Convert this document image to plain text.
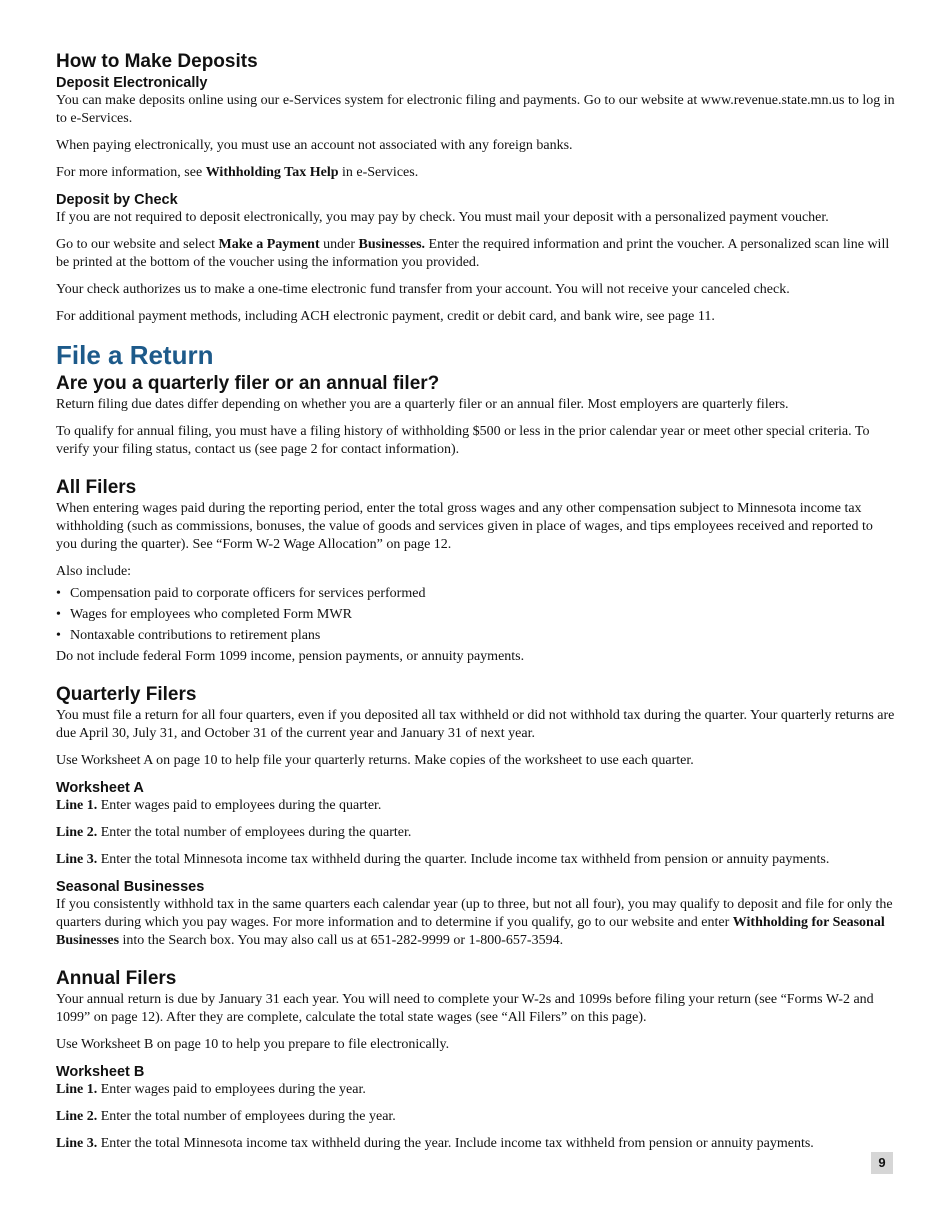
How to Make Deposits
Deposit Electronically

You can make deposits online using our e-Services system for electronic filing and payments. Go to our website at www.revenue.state.mn.us to log in to e-Services.

When paying electronically, you must use an account not associated with any foreign banks.

For more information, see Withholding Tax Help in e-Services.

Deposit by Check

If you are not required to deposit electronically, you may pay by check. You must mail your deposit with a personalized payment voucher.

Go to our website and select Make a Payment under Businesses. Enter the required information and print the voucher. A personalized scan line will be printed at the bottom of the voucher using the information you provided.

Your check authorizes us to make a one-time electronic fund transfer from your account. You will not receive your canceled check.

For additional payment methods, including ACH electronic payment, credit or debit card, and bank wire, see page 11.

File a Return
Are you a quarterly filer or an annual filer?

Return filing due dates differ depending on whether you are a quarterly filer or an annual filer. Most employers are quarterly filers.

To qualify for annual filing, you must have a filing history of withholding $500 or less in the prior calendar year or meet other special criteria. To verify your filing status, contact us (see page 2 for contact information).

All Filers

When entering wages paid during the reporting period, enter the total gross wages and any other compensation subject to Minnesota income tax withholding (such as commissions, bonuses, the value of goods and services given in place of wages, and tips employees received and reported to you during the quarter). See “Form W-2 Wage Allocation” on page 12.

Also include:

• Compensation paid to corporate officers for services performed
• Wages for employees who completed Form MWR
• Nontaxable contributions to retirement plans

Do not include federal Form 1099 income, pension payments, or annuity payments.

Quarterly Filers

You must file a return for all four quarters, even if you deposited all tax withheld or did not withhold tax during the quarter. Your quarterly returns are due April 30, July 31, and October 31 of the current year and January 31 of next year.

Use Worksheet A on page 10 to help file your quarterly returns. Make copies of the worksheet to use each quarter.

Worksheet A

Line 1. Enter wages paid to employees during the quarter.

Line 2. Enter the total number of employees during the quarter.

Line 3. Enter the total Minnesota income tax withheld during the quarter. Include income tax withheld from pension or annuity payments.

Seasonal Businesses

If you consistently withhold tax in the same quarters each calendar year (up to three, but not all four), you may qualify to deposit and file for only the quarters during which you pay wages. For more information and to determine if you qualify, go to our website and enter Withholding for Seasonal Businesses into the Search box. You may also call us at 651-282-9999 or 1-800-657-3594.

Annual Filers

Your annual return is due by January 31 each year. You will need to complete your W-2s and 1099s before filing your return (see “Forms W-2 and 1099” on page 12). After they are complete, calculate the total state wages (see “All Filers” on this page).

Use Worksheet B on page 10 to help you prepare to file electronically.

Worksheet B

Line 1. Enter wages paid to employees during the year.

Line 2. Enter the total number of employees during the year.

Line 3. Enter the total Minnesota income tax withheld during the year. Include income tax withheld from pension or annuity payments.

9
